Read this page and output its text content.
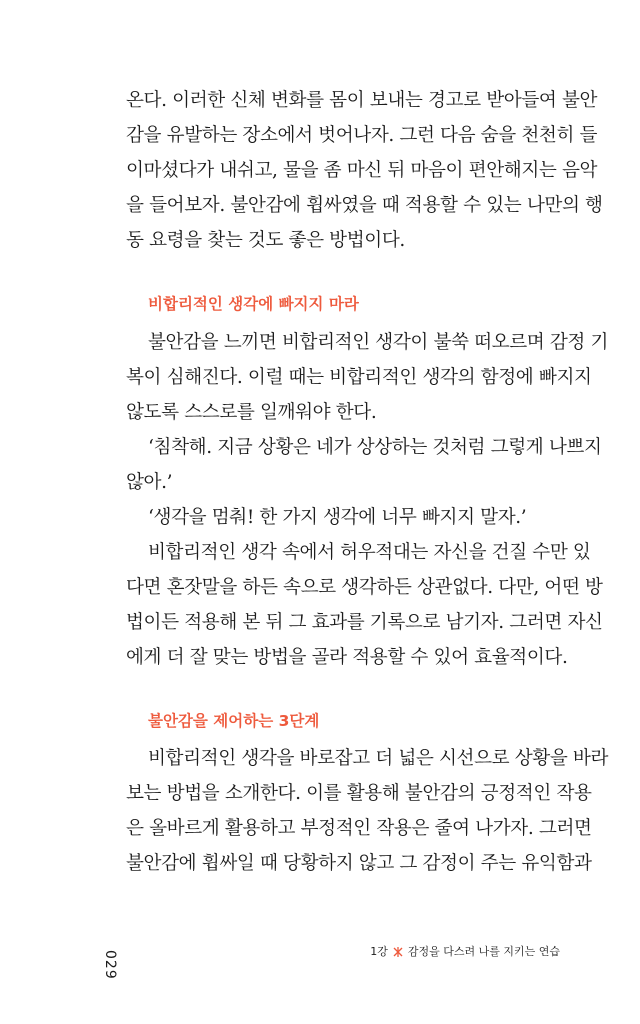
온다. 이러한 신체 변화를 몸이 보내는 경고로 받아들여 불안
감을 유발하는 장소에서 벗어나자. 그런 다음 숨을 천천히 들
이마셨다가 내쉬고, 물을 좀 마신 뒤 마음이 편안해지는 음악
을 들어보자. 불안감에 휩싸였을 때 적용할 수 있는 나만의 행
동 요령을 찾는 것도 좋은 방법이다.
비합리적인 생각에 빠지지 마라
불안감을 느끼면 비합리적인 생각이 불쑥 떠오르며 감정 기
복이 심해진다. 이럴 때는 비합리적인 생각의 함정에 빠지지
않도록 스스로를 일깨워야 한다.
‘침착해. 지금 상황은 네가 상상하는 것처럼 그렇게 나쁘지
않아.’
‘생각을 멈춰! 한 가지 생각에 너무 빠지지 말자.’
비합리적인 생각 속에서 허우적대는 자신을 건질 수만 있
다면 혼잣말을 하든 속으로 생각하든 상관없다. 다만, 어떤 방
법이든 적용해 본 뒤 그 효과를 기록으로 남기자. 그러면 자신
에게 더 잘 맞는 방법을 골라 적용할 수 있어 효율적이다.
불안감을 제어하는 3단계
비합리적인 생각을 바로잡고 더 넓은 시선으로 상황을 바라
보는 방법을 소개한다. 이를 활용해 불안감의 긍정적인 작용
은 올바르게 활용하고 부정적인 작용은 줄여 나가자. 그러면
불안감에 휩싸일 때 당황하지 않고 그 감정이 주는 유익함과
029	1강 감정을 다스려 나를 지키는 연습
